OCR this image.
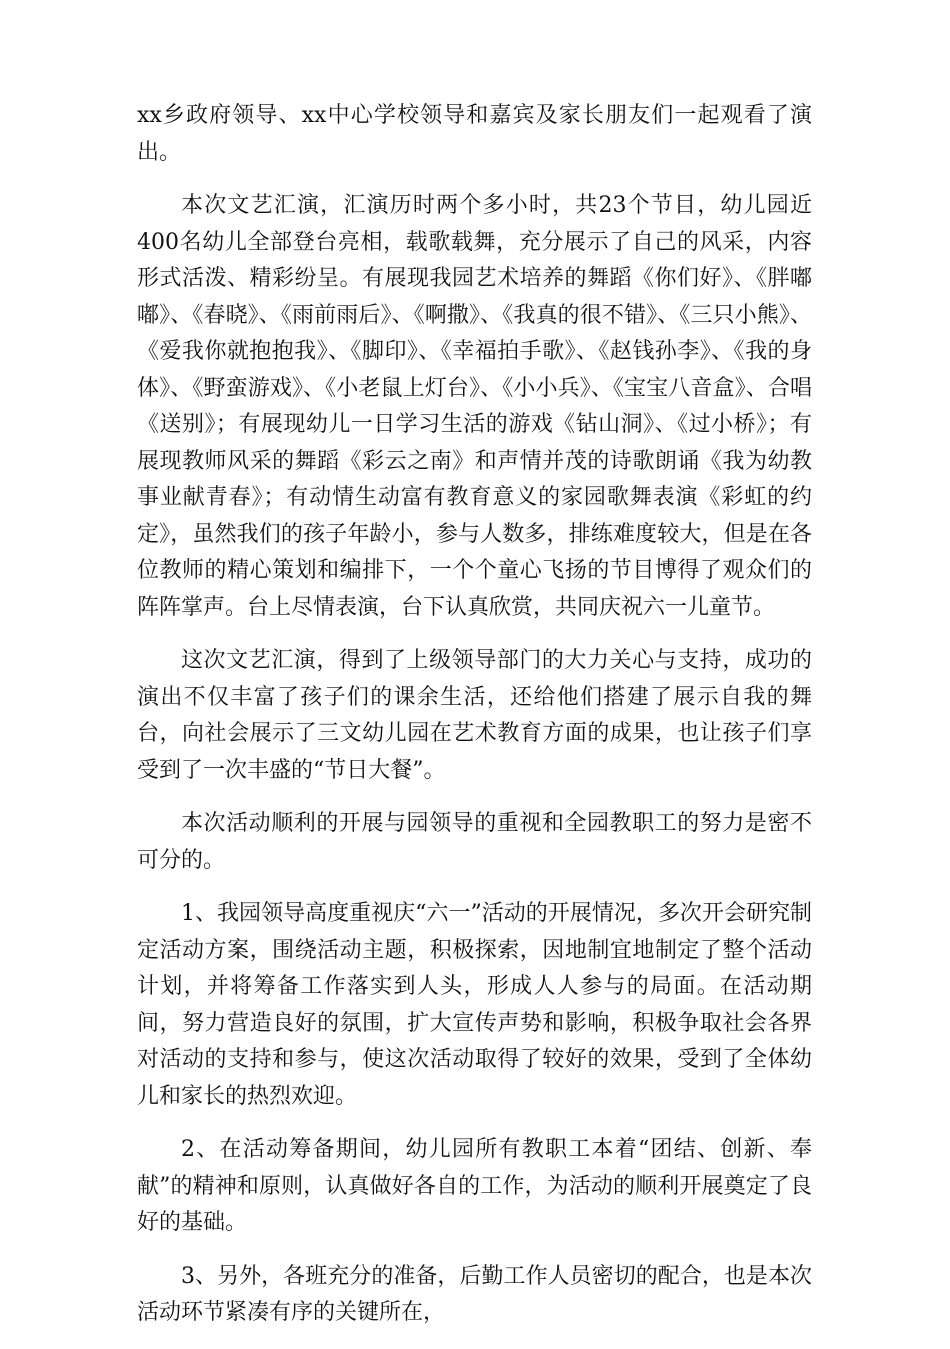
xx乡政府领导、xx中心学校领导和嘉宾及家长朋友们一起观看了演出。

本次文艺汇演，汇演历时两个多小时，共23个节目，幼儿园近400名幼儿全部登台亮相，载歌载舞，充分展示了自己的风采，内容形式活泼、精彩纷呈。有展现我园艺术培养的舞蹈《你们好》、《胖嘟嘟》、《春晓》、《雨前雨后》、《啊撒》、《我真的很不错》、《三只小熊》、《爱我你就抱抱我》、《脚印》、《幸福拍手歌》、《赵钱孙李》、《我的身体》、《野蛮游戏》、《小老鼠上灯台》、《小小兵》、《宝宝八音盒》、合唱《送别》；有展现幼儿一日学习生活的游戏《钻山洞》、《过小桥》；有展现教师风采的舞蹈《彩云之南》和声情并茂的诗歌朗诵《我为幼教事业献青春》；有动情生动富有教育意义的家园歌舞表演《彩虹的约定》，虽然我们的孩子年龄小，参与人数多，排练难度较大，但是在各位教师的精心策划和编排下，一个个童心飞扬的节目博得了观众们的阵阵掌声。台上尽情表演，台下认真欣赏，共同庆祝六一儿童节。

这次文艺汇演，得到了上级领导部门的大力关心与支持，成功的演出不仅丰富了孩子们的课余生活，还给他们搭建了展示自我的舞台，向社会展示了三文幼儿园在艺术教育方面的成果，也让孩子们享受到了一次丰盛的“节日大餐”。

本次活动顺利的开展与园领导的重视和全园教职工的努力是密不可分的。

1、我园领导高度重视庆“六一”活动的开展情况，多次开会研究制定活动方案，围绕活动主题，积极探索，因地制宜地制定了整个活动计划，并将筹备工作落实到人头，形成人人参与的局面。在活动期间，努力营造良好的氛围，扩大宣传声势和影响，积极争取社会各界对活动的支持和参与，使这次活动取得了较好的效果，受到了全体幼儿和家长的热烈欢迎。

2、在活动筹备期间，幼儿园所有教职工本着“团结、创新、奉献”的精神和原则，认真做好各自的工作，为活动的顺利开展奠定了良好的基础。

3、另外，各班充分的准备，后勤工作人员密切的配合，也是本次活动环节紧凑有序的关键所在，
